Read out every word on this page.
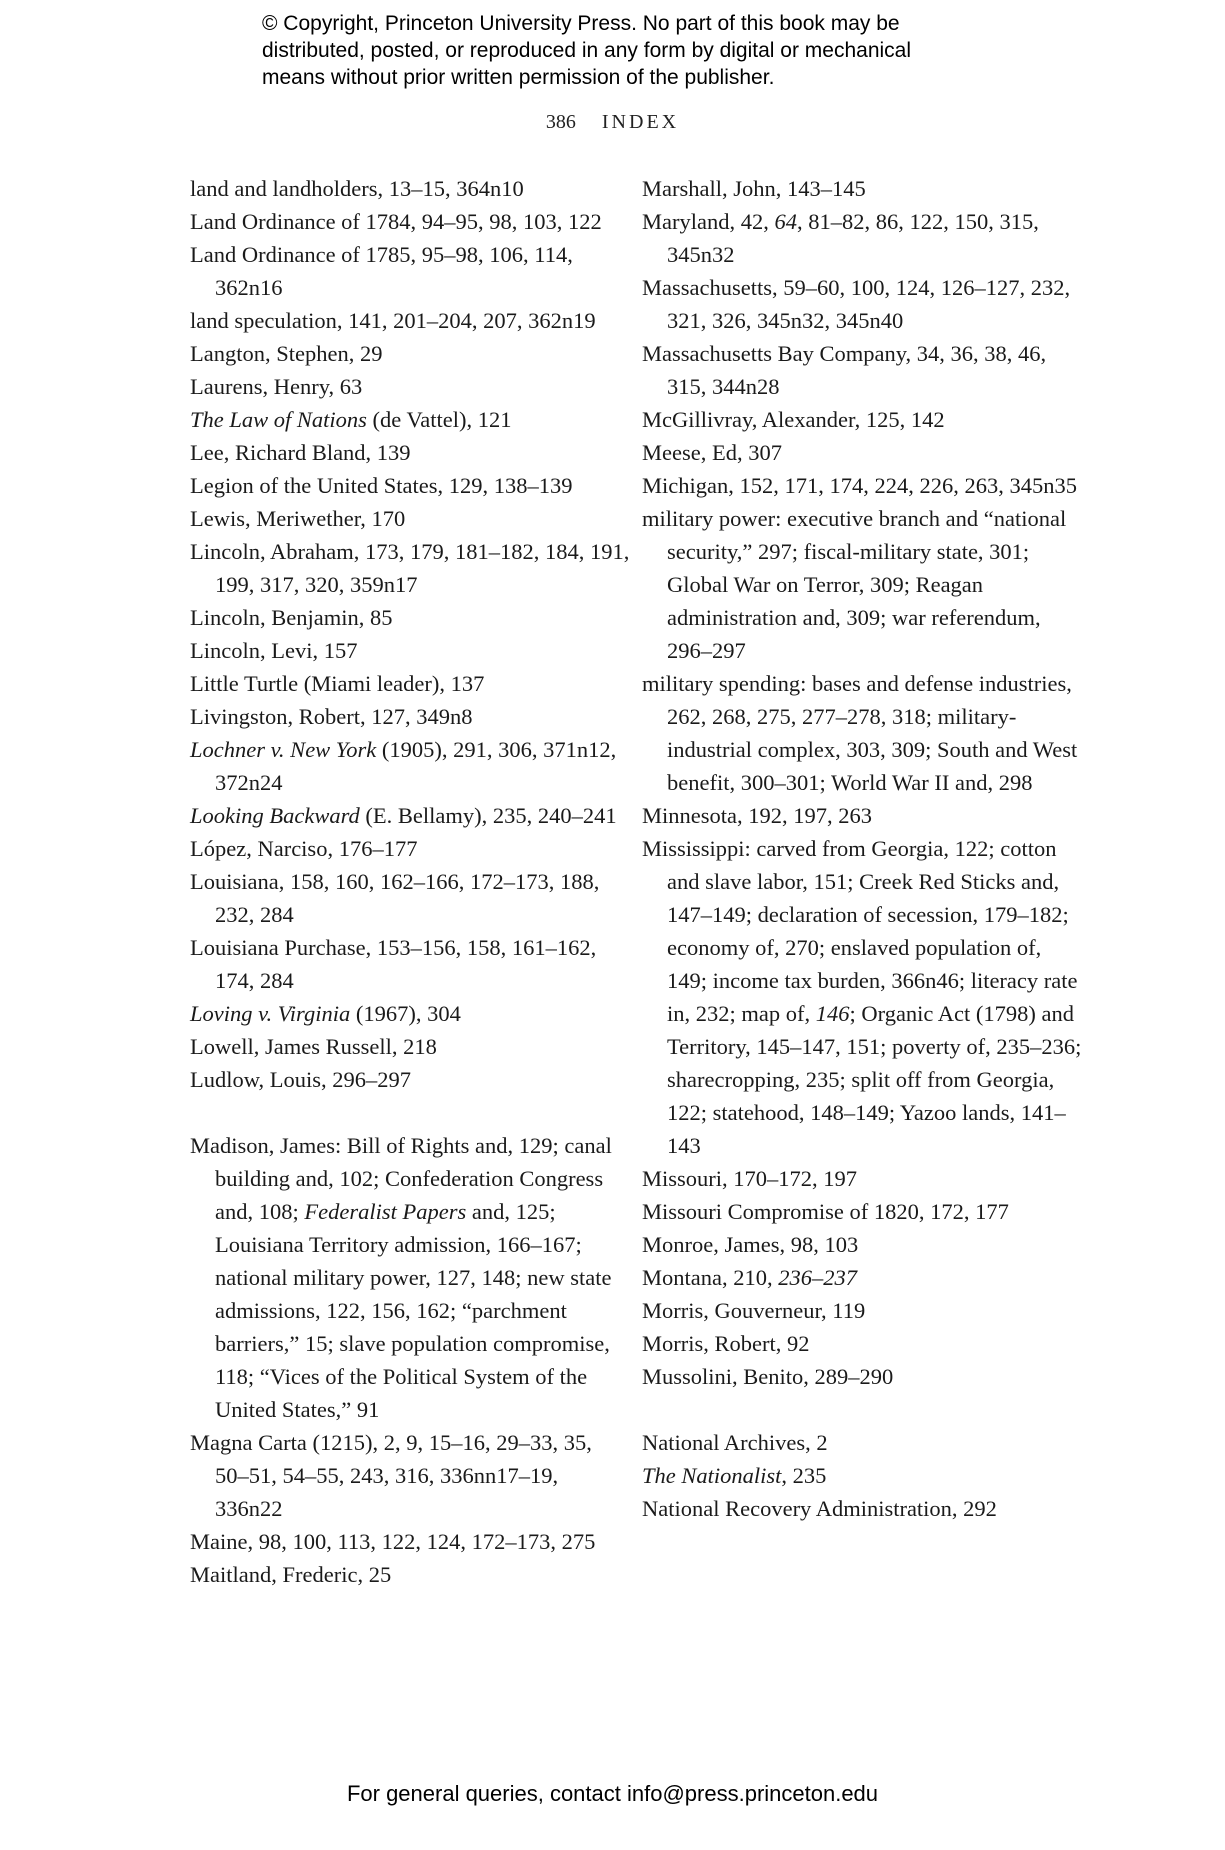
© Copyright, Princeton University Press. No part of this book may be
distributed, posted, or reproduced in any form by digital or mechanical
means without prior written permission of the publisher.
386 INDEX
land and landholders, 13–15, 364n10
Land Ordinance of 1784, 94–95, 98, 103, 122
Land Ordinance of 1785, 95–98, 106, 114, 362n16
land speculation, 141, 201–204, 207, 362n19
Langton, Stephen, 29
Laurens, Henry, 63
The Law of Nations (de Vattel), 121
Lee, Richard Bland, 139
Legion of the United States, 129, 138–139
Lewis, Meriwether, 170
Lincoln, Abraham, 173, 179, 181–182, 184, 191, 199, 317, 320, 359n17
Lincoln, Benjamin, 85
Lincoln, Levi, 157
Little Turtle (Miami leader), 137
Livingston, Robert, 127, 349n8
Lochner v. New York (1905), 291, 306, 371n12, 372n24
Looking Backward (E. Bellamy), 235, 240–241
López, Narciso, 176–177
Louisiana, 158, 160, 162–166, 172–173, 188, 232, 284
Louisiana Purchase, 153–156, 158, 161–162, 174, 284
Loving v. Virginia (1967), 304
Lowell, James Russell, 218
Ludlow, Louis, 296–297
Madison, James: Bill of Rights and, 129; canal building and, 102; Confederation Congress and, 108; Federalist Papers and, 125; Louisiana Territory admission, 166–167; national military power, 127, 148; new state admissions, 122, 156, 162; “parchment barriers,” 15; slave population compromise, 118; “Vices of the Political System of the United States,” 91
Magna Carta (1215), 2, 9, 15–16, 29–33, 35, 50–51, 54–55, 243, 316, 336nn17–19, 336n22
Maine, 98, 100, 113, 122, 124, 172–173, 275
Maitland, Frederic, 25
Marshall, John, 143–145
Maryland, 42, 64, 81–82, 86, 122, 150, 315, 345n32
Massachusetts, 59–60, 100, 124, 126–127, 232, 321, 326, 345n32, 345n40
Massachusetts Bay Company, 34, 36, 38, 46, 315, 344n28
McGillivray, Alexander, 125, 142
Meese, Ed, 307
Michigan, 152, 171, 174, 224, 226, 263, 345n35
military power: executive branch and “national security,” 297; fiscal-military state, 301; Global War on Terror, 309; Reagan administration and, 309; war referendum, 296–297
military spending: bases and defense industries, 262, 268, 275, 277–278, 318; military-industrial complex, 303, 309; South and West benefit, 300–301; World War II and, 298
Minnesota, 192, 197, 263
Mississippi: carved from Georgia, 122; cotton and slave labor, 151; Creek Red Sticks and, 147–149; declaration of secession, 179–182; economy of, 270; enslaved population of, 149; income tax burden, 366n46; literacy rate in, 232; map of, 146; Organic Act (1798) and Territory, 145–147, 151; poverty of, 235–236; sharecropping, 235; split off from Georgia, 122; statehood, 148–149; Yazoo lands, 141–143
Missouri, 170–172, 197
Missouri Compromise of 1820, 172, 177
Monroe, James, 98, 103
Montana, 210, 236–237
Morris, Gouverneur, 119
Morris, Robert, 92
Mussolini, Benito, 289–290
National Archives, 2
The Nationalist, 235
National Recovery Administration, 292
For general queries, contact info@press.princeton.edu
